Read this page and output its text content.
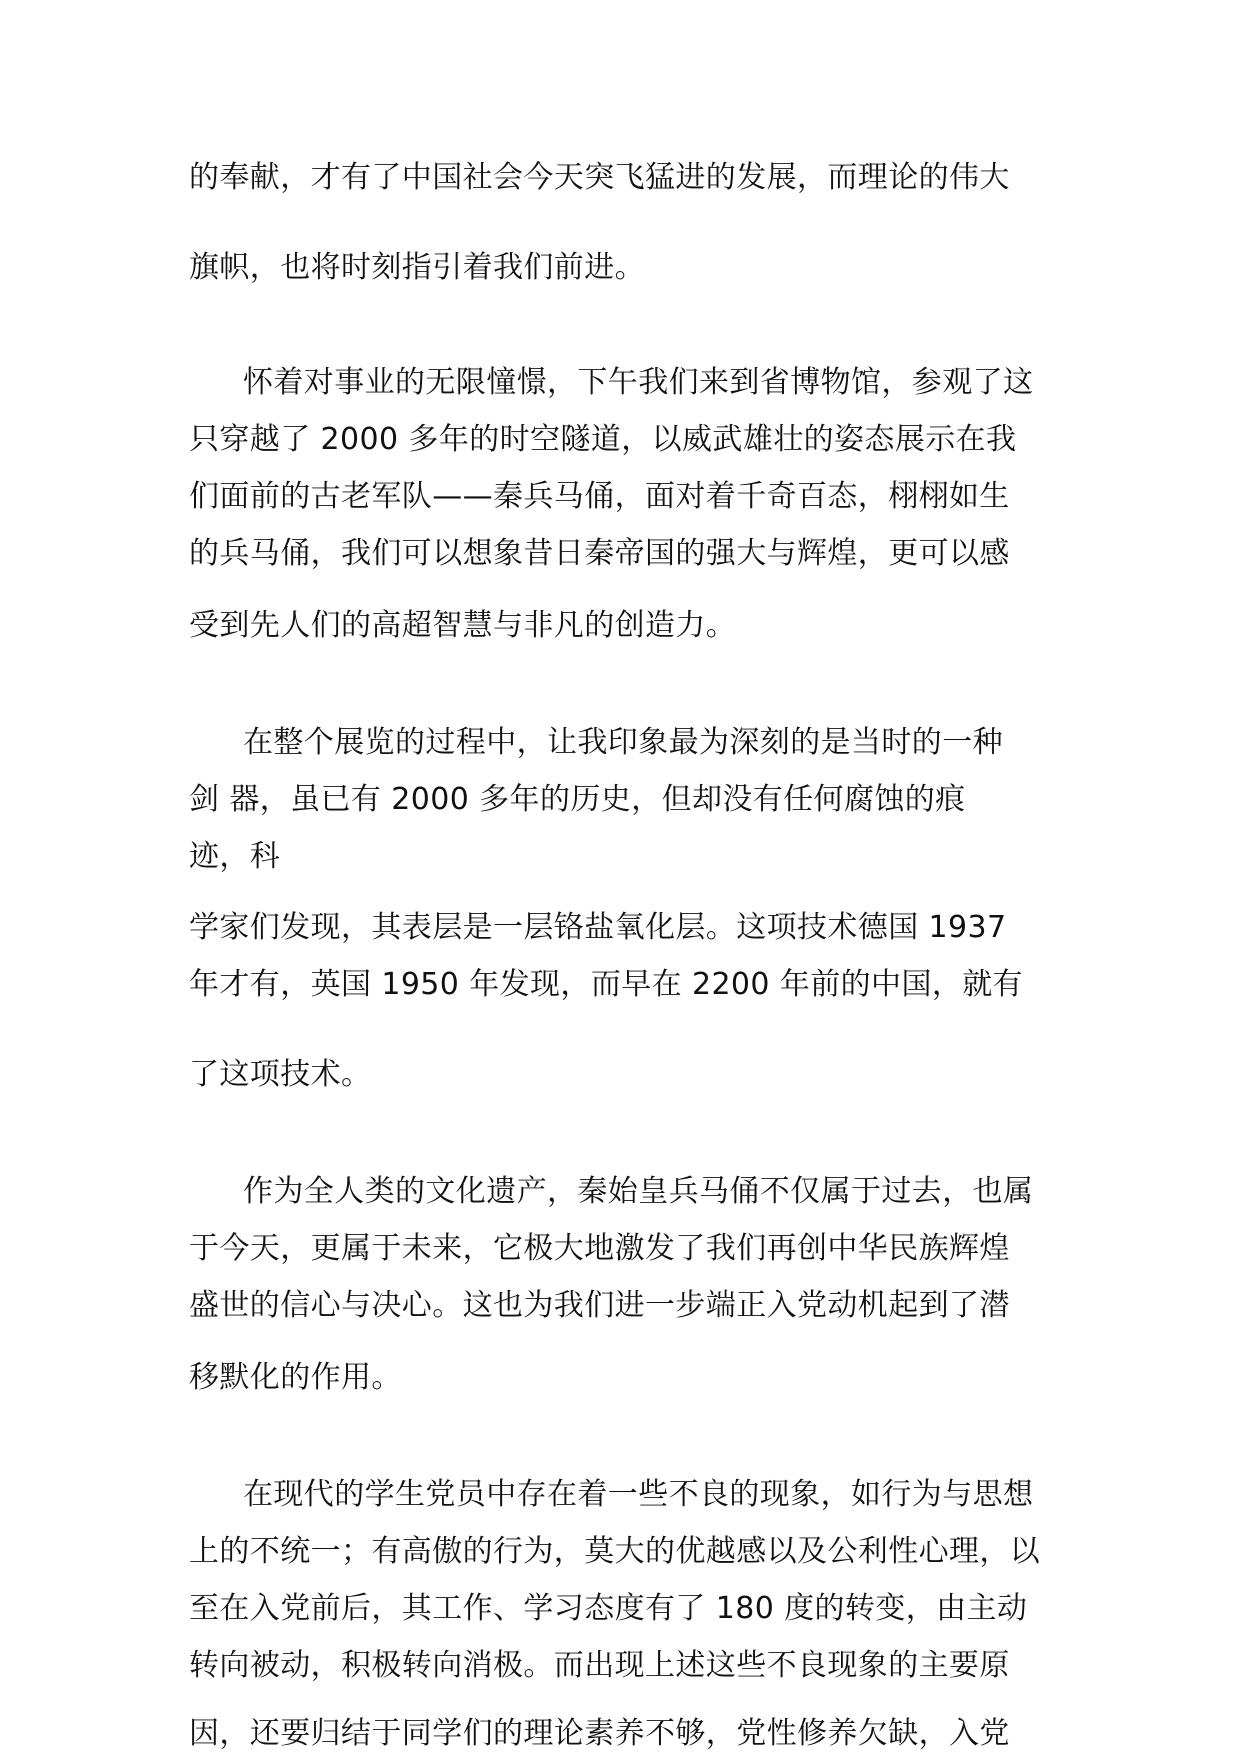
的奉献，才有了中国社会今天突飞猛进的发展，而理论的伟大
旗帜，也将时刻指引着我们前进。
怀着对事业的无限憧憬，下午我们来到省博物馆，参观了这
只穿越了 2000 多年的时空隧道，以威武雄壮的姿态展示在我
们面前的古老军队——秦兵马俑，面对着千奇百态，栩栩如生
的兵马俑，我们可以想象昔日秦帝国的强大与辉煌，更可以感
受到先人们的高超智慧与非凡的创造力。
在整个展览的过程中，让我印象最为深刻的是当时的一种
剑 器，虽已有 2000 多年的历史，但却没有任何腐蚀的痕
迹，科
学家们发现，其表层是一层铬盐氧化层。这项技术德国 1937
年才有，英国 1950 年发现，而早在 2200 年前的中国，就有
了这项技术。
作为全人类的文化遗产，秦始皇兵马俑不仅属于过去，也属
于今天，更属于未来，它极大地激发了我们再创中华民族辉煌
盛世的信心与决心。这也为我们进一步端正入党动机起到了潜
移默化的作用。
在现代的学生党员中存在着一些不良的现象，如行为与思想
上的不统一；有高傲的行为，莫大的优越感以及公利性心理，以
至在入党前后，其工作、学习态度有了 180 度的转变，由主动
转向被动，积极转向消极。而出现上述这些不良现象的主要原
因，还要归结于同学们的理论素养不够，党性修养欠缺，入党
